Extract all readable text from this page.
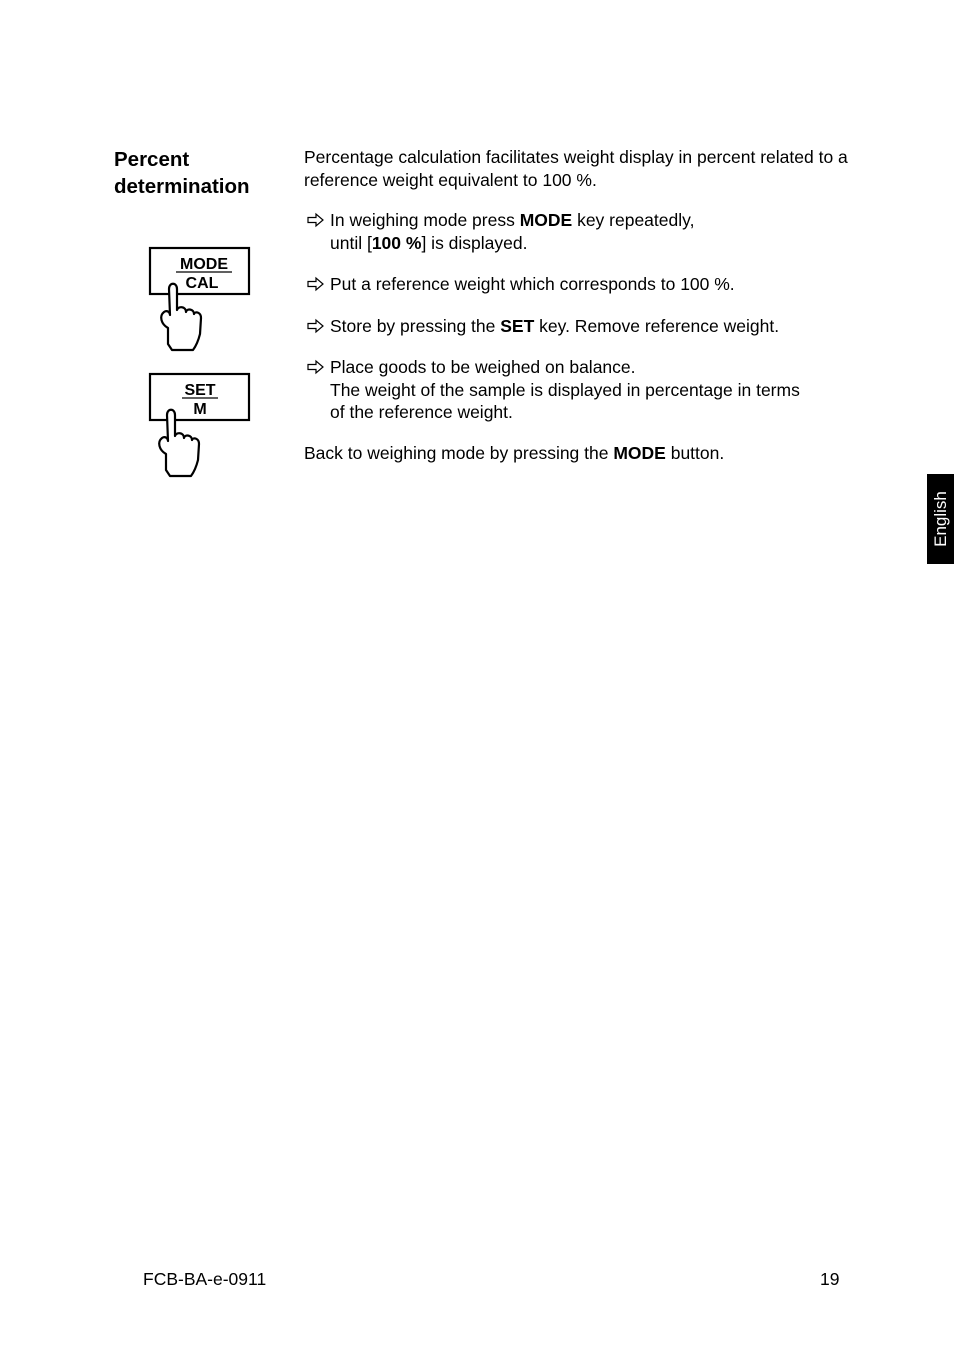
Percent
determination
Percentage calculation facilitates weight display in percent related to a reference weight equivalent to 100 %.
In weighing mode press MODE key repeatedly,
until [100 %] is displayed.
Put a reference weight which corresponds to 100 %.
Store by pressing the SET key. Remove reference weight.
Place goods to be weighed on balance.
The weight of the sample is displayed in percentage in terms of the reference weight.
Back to weighing mode by pressing the MODE button.
MODE
CAL
SET
M
English
FCB-BA-e-0911	19
